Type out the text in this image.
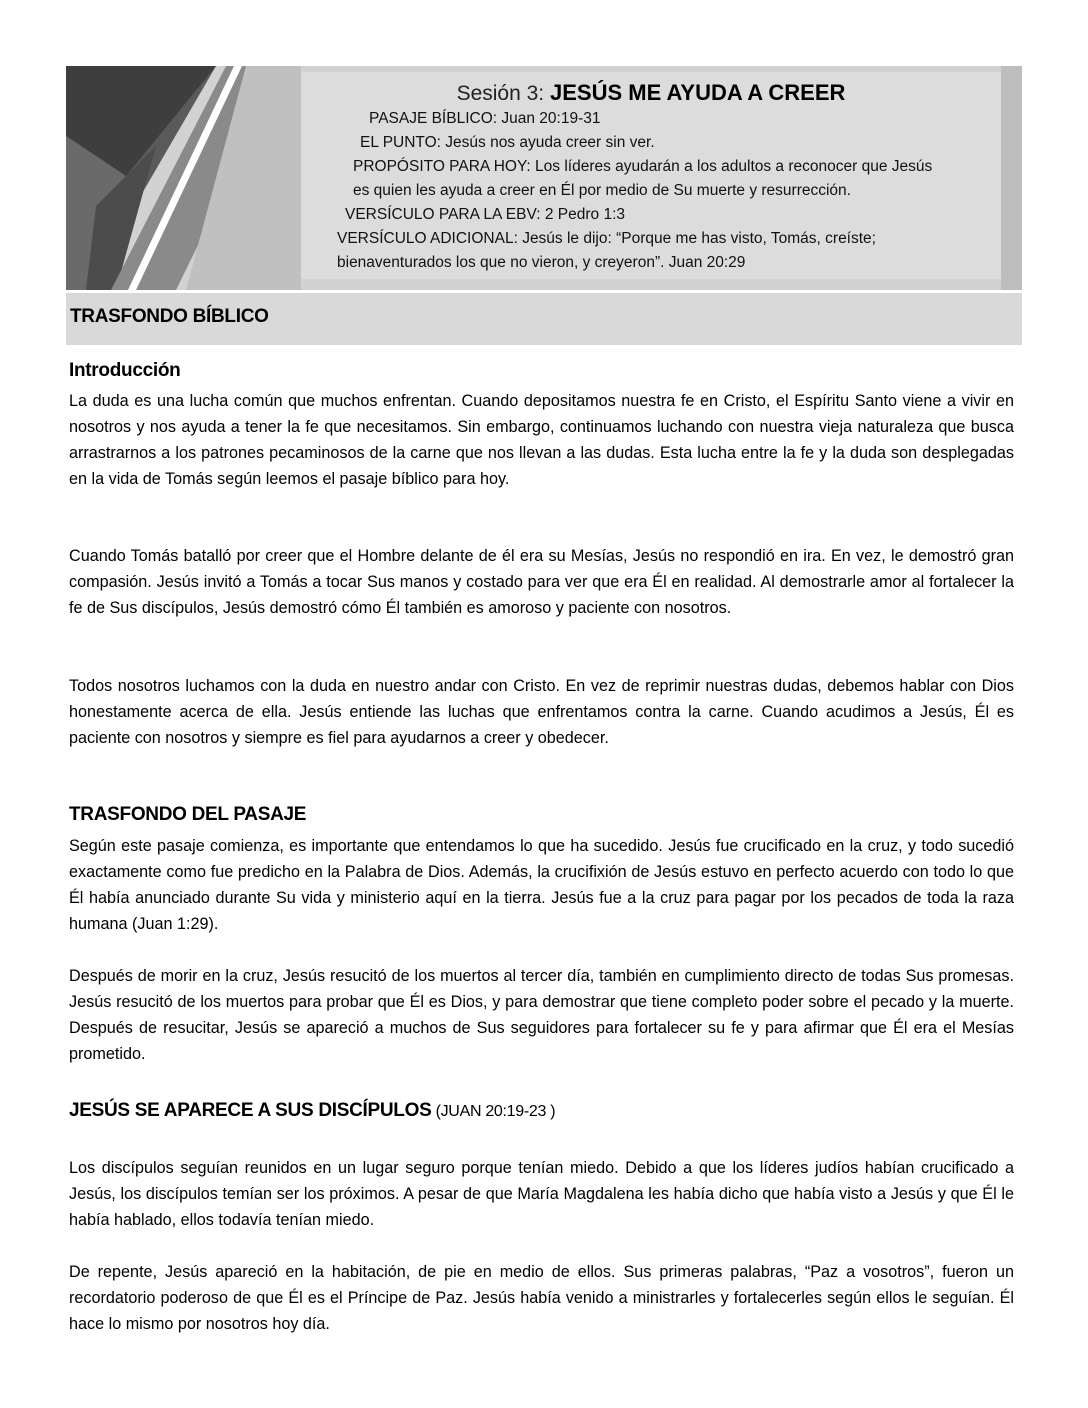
Sesión 3: JESÚS ME AYUDA A CREER
PASAJE BÍBLICO: Juan 20:19-31
EL PUNTO: Jesús nos ayuda creer sin ver.
PROPÓSITO PARA HOY: Los líderes ayudarán a los adultos a reconocer que Jesús
es quien les ayuda a creer en Él por medio de Su muerte y resurrección.
VERSÍCULO PARA LA EBV: 2 Pedro 1:3
VERSÍCULO ADICIONAL: Jesús le dijo: “Porque me has visto, Tomás, creíste;
bienaventurados los que no vieron, y creyeron”. Juan 20:29
TRASFONDO BÍBLICO
Introducción

La duda es una lucha común que muchos enfrentan. Cuando depositamos nuestra fe en Cristo, el Espíritu Santo viene a vivir en nosotros y nos ayuda a tener la fe que necesitamos. Sin embargo, continuamos luchando con nuestra vieja naturaleza que busca arrastrarnos a los patrones pecaminosos de la carne que nos llevan a las dudas. Esta lucha entre la fe y la duda son desplegadas en la vida de Tomás según leemos el pasaje bíblico para hoy.

Cuando Tomás batalló por creer que el Hombre delante de él era su Mesías, Jesús no respondió en ira. En vez, le demostró gran compasión. Jesús invitó a Tomás a tocar Sus manos y costado para ver que era Él en realidad. Al demostrarle amor al fortalecer la fe de Sus discípulos, Jesús demostró cómo Él también es amoroso y paciente con nosotros.

Todos nosotros luchamos con la duda en nuestro andar con Cristo. En vez de reprimir nuestras dudas, debemos hablar con Dios honestamente acerca de ella. Jesús entiende las luchas que enfrentamos contra la carne. Cuando acudimos a Jesús, Él es paciente con nosotros y siempre es fiel para ayudarnos a creer y obedecer.

TRASFONDO DEL PASAJE

Según este pasaje comienza, es importante que entendamos lo que ha sucedido. Jesús fue crucificado en la cruz, y todo sucedió exactamente como fue predicho en la Palabra de Dios. Además, la crucifixión de Jesús estuvo en perfecto acuerdo con todo lo que Él había anunciado durante Su vida y ministerio aquí en la tierra. Jesús fue a la cruz para pagar por los pecados de toda la raza humana (Juan 1:29).

Después de morir en la cruz, Jesús resucitó de los muertos al tercer día, también en cumplimiento directo de todas Sus promesas. Jesús resucitó de los muertos para probar que Él es Dios, y para demostrar que tiene completo poder sobre el pecado y la muerte. Después de resucitar, Jesús se apareció a muchos de Sus seguidores para fortalecer su fe y para afirmar que Él era el Mesías prometido.

JESÚS SE APARECE A SUS DISCÍPULOS (JUAN 20:19-23 )

Los discípulos seguían reunidos en un lugar seguro porque tenían miedo. Debido a que los líderes judíos habían crucificado a Jesús, los discípulos temían ser los próximos. A pesar de que María Magdalena les había dicho que había visto a Jesús y que Él le había hablado, ellos todavía tenían miedo.

De repente, Jesús apareció en la habitación, de pie en medio de ellos. Sus primeras palabras, “Paz a vosotros”, fueron un recordatorio poderoso de que Él es el Príncipe de Paz. Jesús había venido a ministrarles y fortalecerles según ellos le seguían. Él hace lo mismo por nosotros hoy día.
